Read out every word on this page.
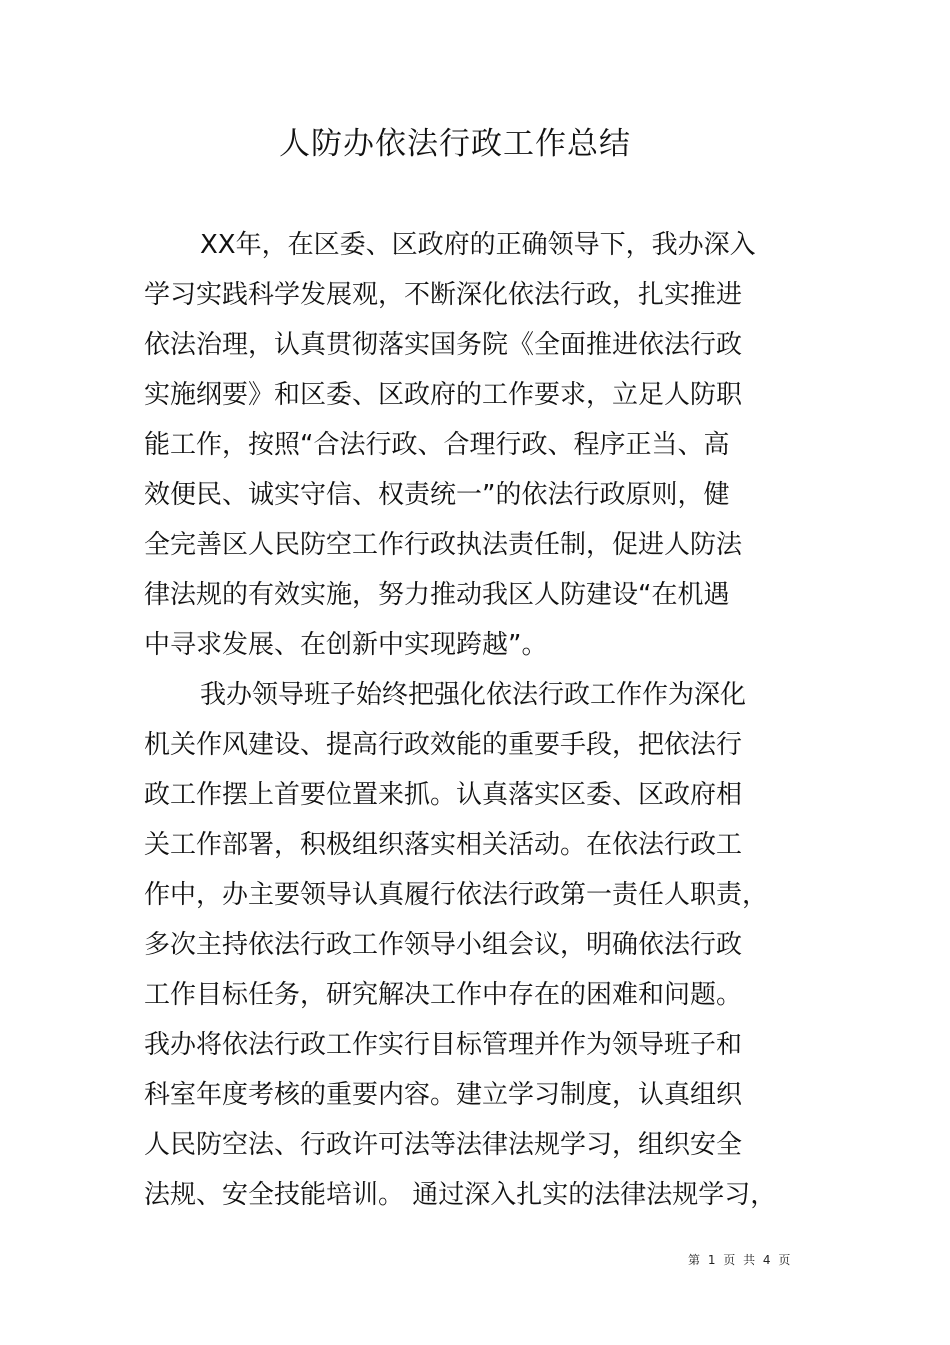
人防办依法行政工作总结
XX年，在区委、区政府的正确领导下，我办深入
学习实践科学发展观，不断深化依法行政，扎实推进
依法治理，认真贯彻落实国务院《全面推进依法行政
实施纲要》和区委、区政府的工作要求，立足人防职
能工作，按照“合法行政、合理行政、程序正当、高
效便民、诚实守信、权责统一”的依法行政原则，健
全完善区人民防空工作行政执法责任制，促进人防法
律法规的有效实施，努力推动我区人防建设“在机遇
中寻求发展、在创新中实现跨越”。
我办领导班子始终把强化依法行政工作作为深化
机关作风建设、提高行政效能的重要手段，把依法行
政工作摆上首要位置来抓。认真落实区委、区政府相
关工作部署，积极组织落实相关活动。在依法行政工
作中，办主要领导认真履行依法行政第一责任人职责，
多次主持依法行政工作领导小组会议，明确依法行政
工作目标任务，研究解决工作中存在的困难和问题。
我办将依法行政工作实行目标管理并作为领导班子和
科室年度考核的重要内容。建立学习制度，认真组织
人民防空法、行政许可法等法律法规学习，组织安全
法规、安全技能培训。 通过深入扎实的法律法规学习，
第 1 页 共 4 页
